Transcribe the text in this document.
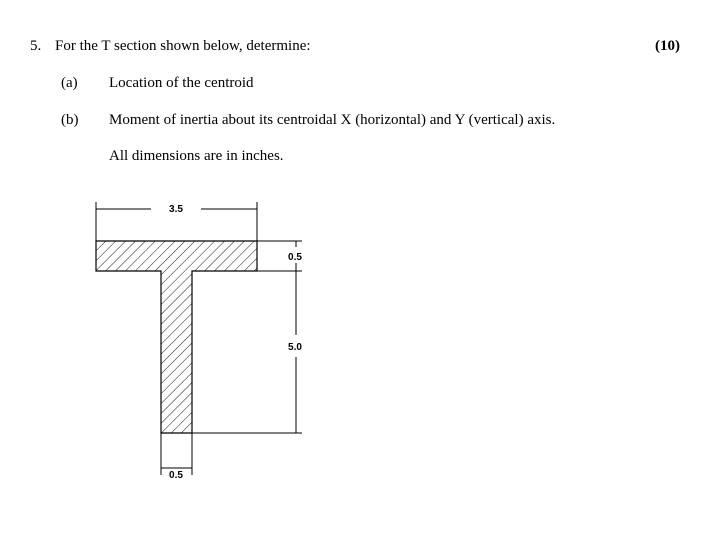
5. For the T section shown below, determine:	(10)
(a) Location of the centroid
(b) Moment of inertia about its centroidal X (horizontal) and Y (vertical) axis.
All dimensions are in inches.
3.5
0.5
5.0
0.5
